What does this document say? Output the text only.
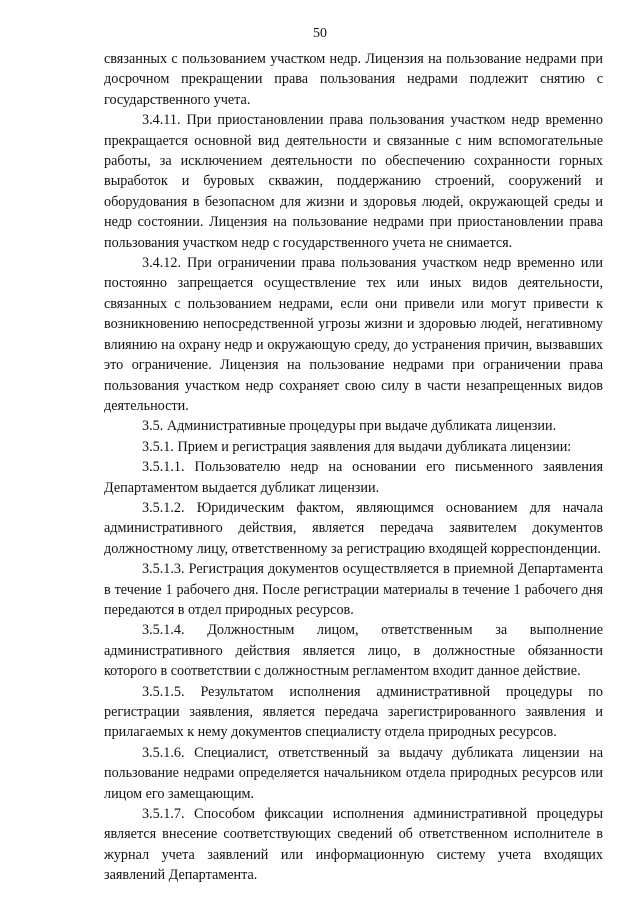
50

связанных с пользованием участком недр. Лицензия на пользование недрами при досрочном прекращении права пользования недрами подлежит снятию с государственного учета.

3.4.11. При приостановлении права пользования участком недр временно прекращается основной вид деятельности и связанные с ним вспомогательные работы, за исключением деятельности по обеспечению сохранности горных выработок и буровых скважин, поддержанию строений, сооружений и оборудования в безопасном для жизни и здоровья людей, окружающей среды и недр состоянии. Лицензия на пользование недрами при приостановлении права пользования участком недр с государственного учета не снимается.

3.4.12. При ограничении права пользования участком недр временно или постоянно запрещается осуществление тех или иных видов деятельности, связанных с пользованием недрами, если они привели или могут привести к возникновению непосредственной угрозы жизни и здоровью людей, негативному влиянию на охрану недр и окружающую среду, до устранения причин, вызвавших это ограничение. Лицензия на пользование недрами при ограничении права пользования участком недр сохраняет свою силу в части незапрещенных видов деятельности.

3.5. Административные процедуры при выдаче дубликата лицензии.

3.5.1. Прием и регистрация заявления для выдачи дубликата лицензии:

3.5.1.1. Пользователю недр на основании его письменного заявления Департаментом выдается дубликат лицензии.

3.5.1.2. Юридическим фактом, являющимся основанием для начала административного действия, является передача заявителем документов должностному лицу, ответственному за регистрацию входящей корреспонденции.

3.5.1.3. Регистрация документов осуществляется в приемной Департамента в течение 1 рабочего дня. После регистрации материалы в течение 1 рабочего дня передаются в отдел природных ресурсов.

3.5.1.4. Должностным лицом, ответственным за выполнение административного действия является лицо, в должностные обязанности которого в соответствии с должностным регламентом входит данное действие.

3.5.1.5. Результатом исполнения административной процедуры по регистрации заявления, является передача зарегистрированного заявления и прилагаемых к нему документов специалисту отдела природных ресурсов.

3.5.1.6. Специалист, ответственный за выдачу дубликата лицензии на пользование недрами определяется начальником отдела природных ресурсов или лицом его замещающим.

3.5.1.7. Способом фиксации исполнения административной процедуры является внесение соответствующих сведений об ответственном исполнителе в журнал учета заявлений или информационную систему учета входящих заявлений Департамента.
